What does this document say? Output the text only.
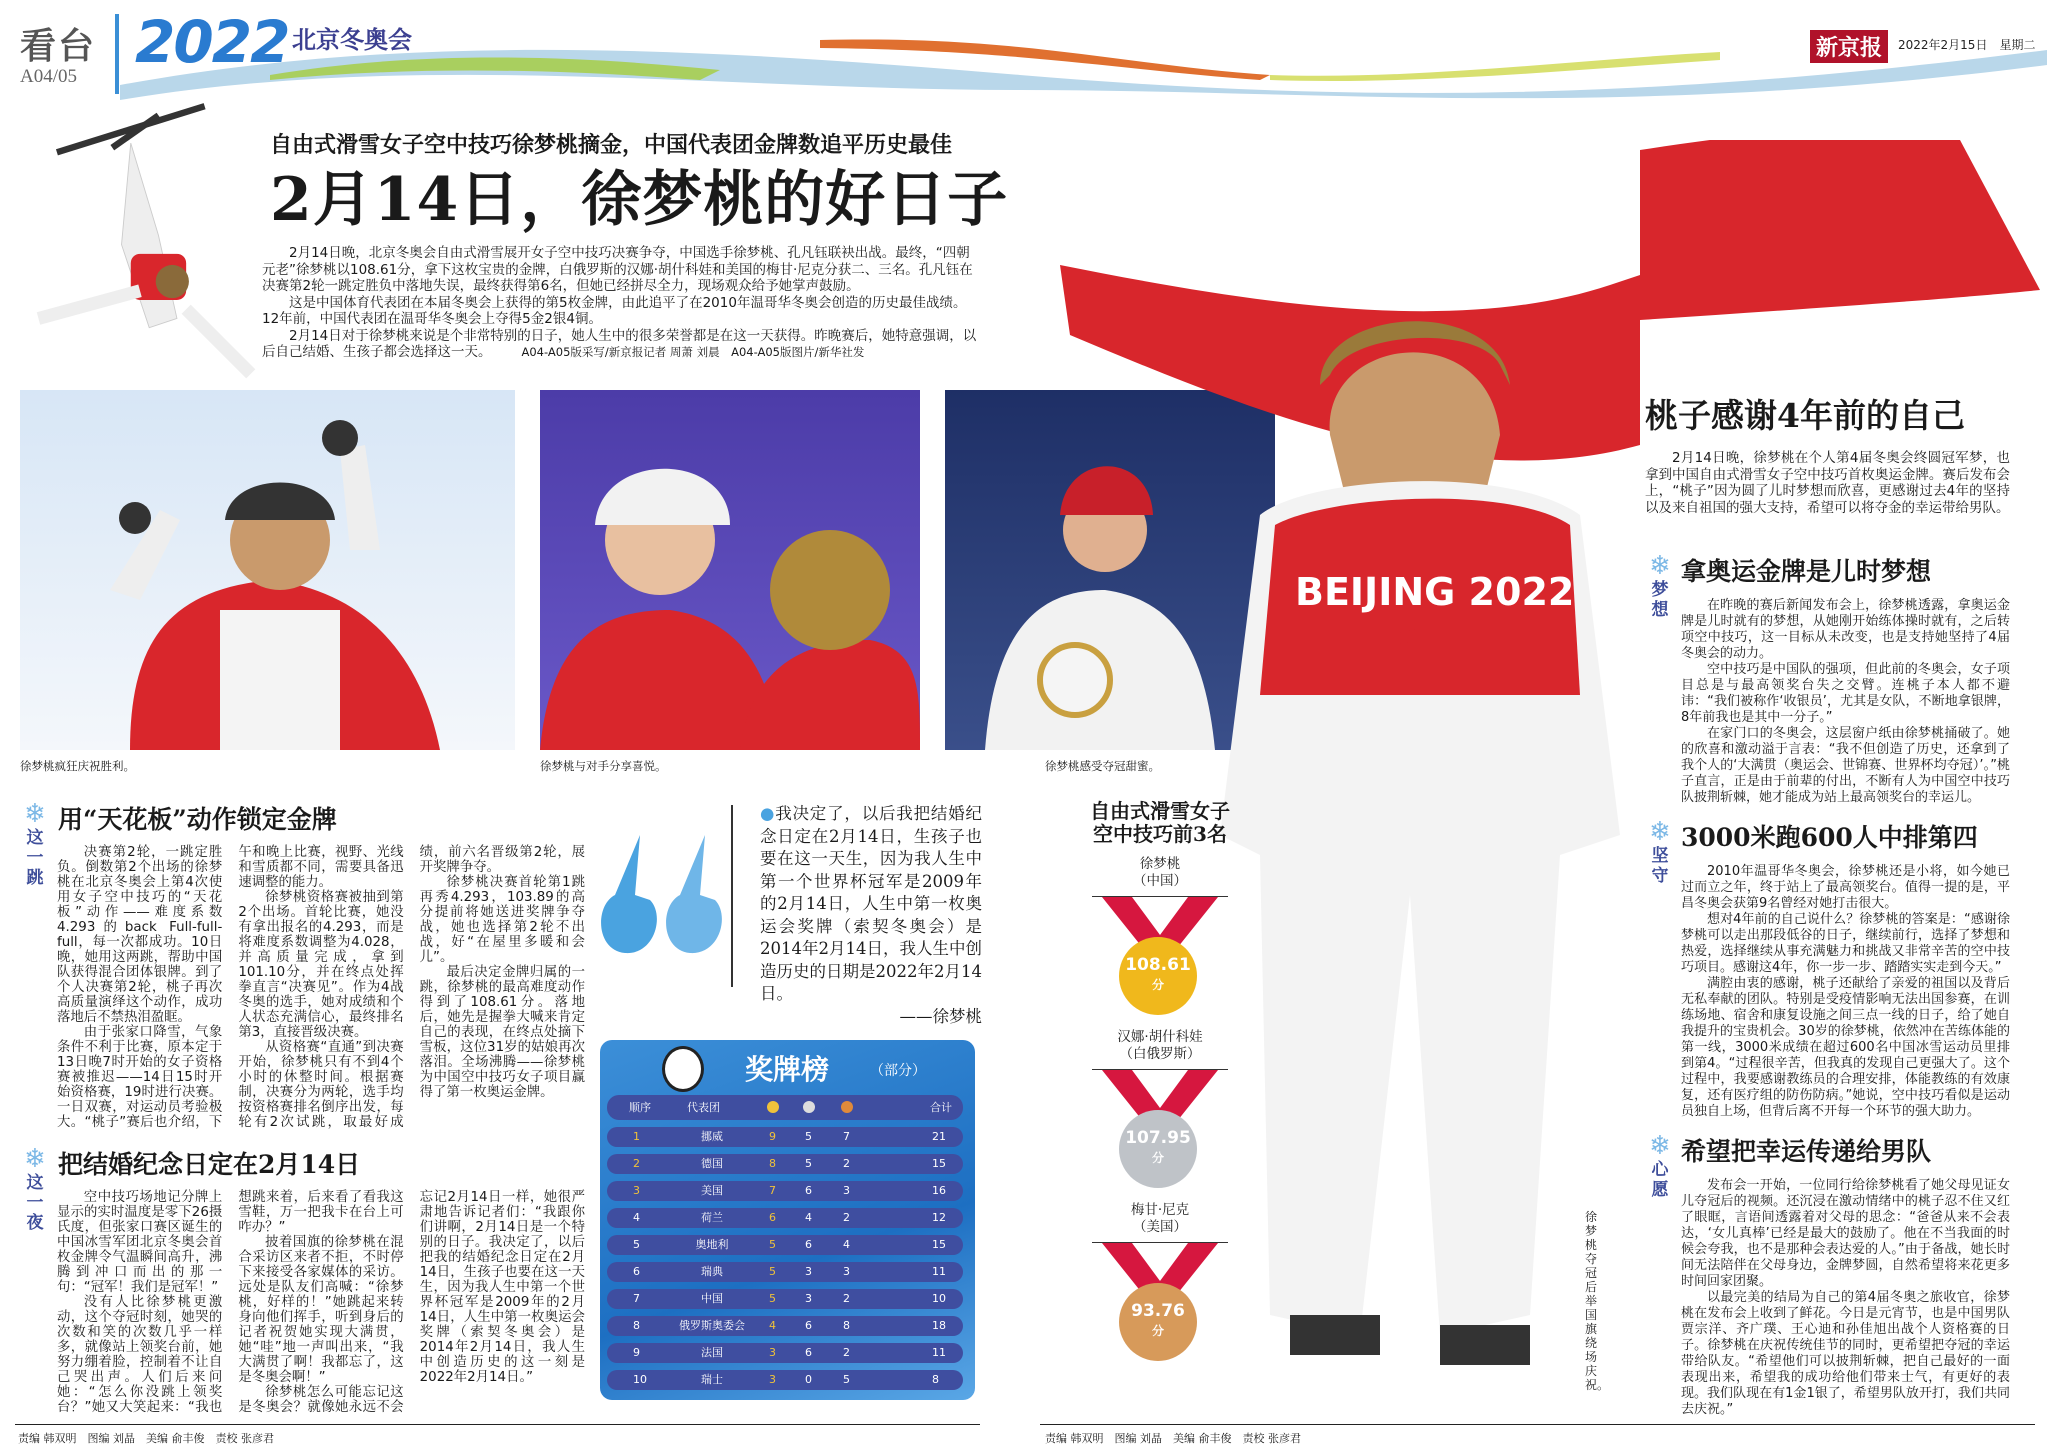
看台
A04/05
2022 北京冬奥会	新京报	2022年2月15日　星期二
自由式滑雪女子空中技巧徐梦桃摘金，中国代表团金牌数追平历史最佳
2月14日，徐梦桃的好日子

2月14日晚，北京冬奥会自由式滑雪展开女子空中技巧决赛争夺，中国选手徐梦桃、孔凡钰联袂出战。最终，“四朝元老”徐梦桃以108.61分，拿下这枚宝贵的金牌，白俄罗斯的汉娜·胡什科娃和美国的梅甘·尼克分获二、三名。孔凡钰在决赛第2轮一跳定胜负中落地失误，最终获得第6名，但她已经拼尽全力，现场观众给予她掌声鼓励。

这是中国体育代表团在本届冬奥会上获得的第5枚金牌，由此追平了在2010年温哥华冬奥会创造的历史最佳战绩。12年前，中国代表团在温哥华冬奥会上夺得5金2银4铜。

2月14日对于徐梦桃来说是个非常特别的日子，她人生中的很多荣誉都是在这一天获得。昨晚赛后，她特意强调，以后自己结婚、生孩子都会选择这一天。	A04-A05版采写/新京报记者 周萧 刘晨　A04-A05版图片/新华社发

徐梦桃疯狂庆祝胜利。	徐梦桃与对手分享喜悦。	徐梦桃感受夺冠甜蜜。
BEIJING 2022
1
徐梦桃夺冠后举国旗绕场庆祝。
❄
这一跳
用“天花板”动作锁定金牌

决赛第2轮，一跳定胜负。倒数第2个出场的徐梦桃在北京冬奥会上第4次使用女子空中技巧的“天花板”动作——难度系数4.293的back Full-full-full，每一次都成功。10日晚，她用这两跳，帮助中国队获得混合团体银牌。到了个人决赛第2轮，桃子再次高质量演绎这个动作，成功落地后不禁热泪盈眶。

由于张家口降雪，气象条件不利于比赛，原本定于13日晚7时开始的女子资格赛被推迟——14日15时开始资格赛，19时进行决赛。一日双赛，对运动员考验极大。“桃子”赛后也介绍，下午和晚上比赛，视野、光线和雪质都不同，需要具备迅速调整的能力。

徐梦桃资格赛被抽到第2个出场。首轮比赛，她没有拿出报名的4.293，而是将难度系数调整为4.028，并高质量完成，拿到101.10分，并在终点处挥拳直言“决赛见”。作为4战冬奥的选手，她对成绩和个人状态充满信心，最终排名第3，直接晋级决赛。

从资格赛“直通”到决赛开始，徐梦桃只有不到4个小时的休整时间。根据赛制，决赛分为两轮，选手均按资格赛排名倒序出发，每轮有2次试跳，取最好成绩，前六名晋级第2轮，展开奖牌争夺。

徐梦桃决赛首轮第1跳再秀4.293，103.89的高分提前将她送进奖牌争夺战，她也选择第2轮不出战，好“在屋里多暖和会儿”。

最后决定金牌归属的一跳，徐梦桃的最高难度动作得到了108.61分。落地后，她先是握拳大喊来肯定自己的表现，在终点处摘下雪板，这位31岁的姑娘再次落泪。全场沸腾——徐梦桃为中国空中技巧女子项目赢得了第一枚奥运金牌。

❄
这一夜
把结婚纪念日定在2月14日

空中技巧场地记分牌上显示的实时温度是零下26摄氏度，但张家口赛区诞生的中国冰雪军团北京冬奥会首枚金牌令气温瞬间高升，沸腾到冲口而出的那一句：“冠军！我们是冠军！”

没有人比徐梦桃更激动，这个夺冠时刻，她哭的次数和笑的次数几乎一样多，就像站上领奖台前，她努力绷着脸，控制着不让自己哭出声。人们后来问她：“怎么你没跳上领奖台？”她又大笑起来：“我也想跳来着，后来看了看我这雪鞋，万一把我卡在台上可咋办？”

披着国旗的徐梦桃在混合采访区来者不拒，不时停下来接受各家媒体的采访。远处是队友们高喊：“徐梦桃，好样的！”她跳起来转身向他们挥手，听到身后的记者祝贺她实现大满贯，她“哇”地一声叫出来，“我大满贯了啊！我都忘了，这是冬奥会啊！”

徐梦桃怎么可能忘记这是冬奥会？就像她永远不会忘记2月14日一样，她很严肃地告诉记者们：“我跟你们讲啊，2月14日是一个特别的日子。我决定了，以后把我的结婚纪念日定在2月14日，生孩子也要在这一天生，因为我人生中第一个世界杯冠军是2009年的2月14日，人生中第一枚奥运会奖牌（索契冬奥会）是2014年2月14日，我人生中创造历史的这一刻是2022年2月14日。”

●我决定了，以后我把结婚纪念日定在2月14日，生孩子也要在这一天生，因为我人生中第一个世界杯冠军是2009年的2月14日，人生中第一枚奥运会奖牌（索契冬奥会）是2014年2月14日，我人生中创造历史的日期是2022年2月14日。
——徐梦桃
奖牌榜	（部分）
顺序	代表团	合计
1	挪威	9	5	7	21
2	德国	8	5	2	15
3	美国	7	6	3	16
4	荷兰	6	4	2	12
5	奥地利	5	6	4	15
6	瑞典	5	3	3	11
7	中国	5	3	2	10
8	俄罗斯奥委会	4	6	8	18
9	法国	3	6	2	11
10	瑞士	3	0	5	8
自由式滑雪女子空中技巧前3名
徐梦桃
（中国）
108.61
分
汉娜·胡什科娃
（白俄罗斯）
107.95
分
梅甘·尼克
（美国）
93.76
分
桃子感谢4年前的自己

2月14日晚，徐梦桃在个人第4届冬奥会终圆冠军梦，也拿到中国自由式滑雪女子空中技巧首枚奥运金牌。赛后发布会上，“桃子”因为圆了儿时梦想而欣喜，更感谢过去4年的坚持以及来自祖国的强大支持，希望可以将夺金的幸运带给男队。

❄
梦想
拿奥运金牌是儿时梦想

在昨晚的赛后新闻发布会上，徐梦桃透露，拿奥运金牌是儿时就有的梦想，从她刚开始练体操时就有，之后转项空中技巧，这一目标从未改变，也是支持她坚持了4届冬奥会的动力。

空中技巧是中国队的强项，但此前的冬奥会，女子项目总是与最高领奖台失之交臂。连桃子本人都不避讳：“我们被称作‘收银员’，尤其是女队，不断地拿银牌，8年前我也是其中一分子。”

在家门口的冬奥会，这层窗户纸由徐梦桃捅破了。她的欣喜和激动溢于言表：“我不但创造了历史，还拿到了我个人的‘大满贯（奥运会、世锦赛、世界杯均夺冠）’。”桃子直言，正是由于前辈的付出，不断有人为中国空中技巧队披荆斩棘，她才能成为站上最高领奖台的幸运儿。

❄
坚守
3000米跑600人中排第四

2010年温哥华冬奥会，徐梦桃还是小将，如今她已过而立之年，终于站上了最高领奖台。值得一提的是，平昌冬奥会获第9名曾经对她打击很大。

想对4年前的自己说什么？徐梦桃的答案是：“感谢徐梦桃可以走出那段低谷的日子，继续前行，选择了梦想和热爱，选择继续从事充满魅力和挑战又非常辛苦的空中技巧项目。感谢这4年，你一步一步、踏踏实实走到今天。”

满腔由衷的感谢，桃子还献给了亲爱的祖国以及背后无私奉献的团队。特别是受疫情影响无法出国参赛，在训练场地、宿舍和康复设施之间三点一线的日子，给了她自我提升的宝贵机会。30岁的徐梦桃，依然冲在苦练体能的第一线，3000米成绩在超过600名中国冰雪运动员里排到第4。“过程很辛苦，但我真的发现自己更强大了。这个过程中，我要感谢教练员的合理安排，体能教练的有效康复，还有医疗组的防伤防病。”她说，空中技巧看似是运动员独自上场，但背后离不开每一个环节的强大助力。

❄
心愿
希望把幸运传递给男队

发布会一开始，一位同行给徐梦桃看了她父母见证女儿夺冠后的视频。还沉浸在激动情绪中的桃子忍不住又红了眼眶，言语间透露着对父母的思念：“爸爸从来不会表达，‘女儿真棒’已经是最大的鼓励了。他在不当我面的时候会夸我，也不是那种会表达爱的人。”由于备战，她长时间无法陪伴在父母身边，金牌梦圆，自然希望将来花更多时间回家团聚。

以最完美的结局为自己的第4届冬奥之旅收官，徐梦桃在发布会上收到了鲜花。今日是元宵节，也是中国男队贾宗洋、齐广璞、王心迪和孙佳旭出战个人资格赛的日子。徐梦桃在庆祝传统佳节的同时，更希望把夺冠的幸运带给队友。“希望他们可以披荆斩棘，把自己最好的一面表现出来，希望我的成功给他们带来士气，有更好的表现。我们队现在有1金1银了，希望男队放开打，我们共同去庆祝。”

责编 韩双明　图编 刘晶　美编 俞丰俊　责校 张彦君	责编 韩双明　图编 刘晶　美编 俞丰俊　责校 张彦君
